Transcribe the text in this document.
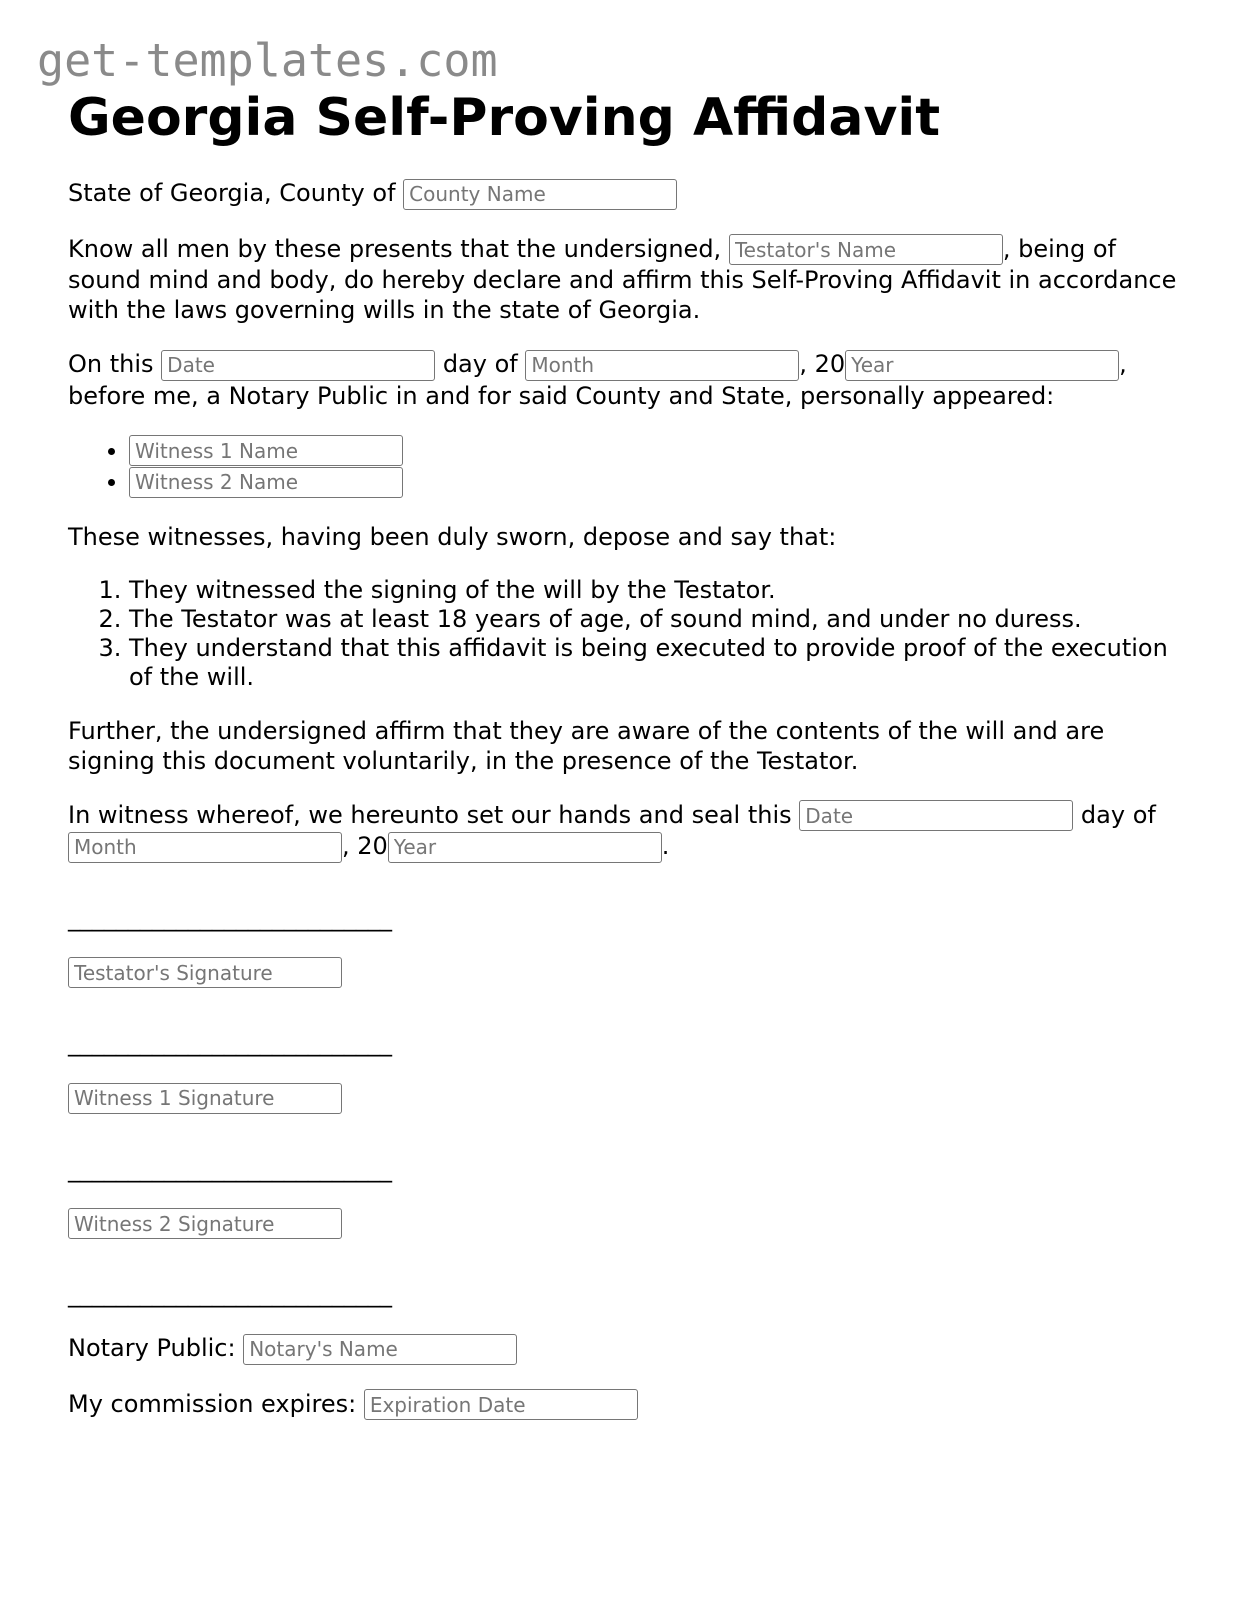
get-templates.com
Georgia Self-Proving Affidavit

State of Georgia, County of County Name

Know all men by these presents that the undersigned, Testator's Name	, being of sound mind and body, do hereby declare and affirm this Self-Proving Affidavit in accordance with the laws governing wills in the state of Georgia.

On this Date	day of Month	, 20Year	, before me, a Notary Public in and for said County and State, personally appeared:

• Witness 1 Name
• Witness 2 Name

These witnesses, having been duly sworn, depose and say that:

1. They witnessed the signing of the will by the Testator.
2. The Testator was at least 18 years of age, of sound mind, and under no duress.
3. They understand that this affidavit is being executed to provide proof of the execution of the will.

Further, the undersigned affirm that they are aware of the contents of the will and are signing this document voluntarily, in the presence of the Testator.

In witness whereof, we hereunto set our hands and seal this Date	day of Month, 20Year	.

___________________________

Testator's Signature

___________________________

Witness 1 Signature

___________________________

Witness 2 Signature

___________________________

Notary Public: Notary's Name

My commission expires: Expiration Date
